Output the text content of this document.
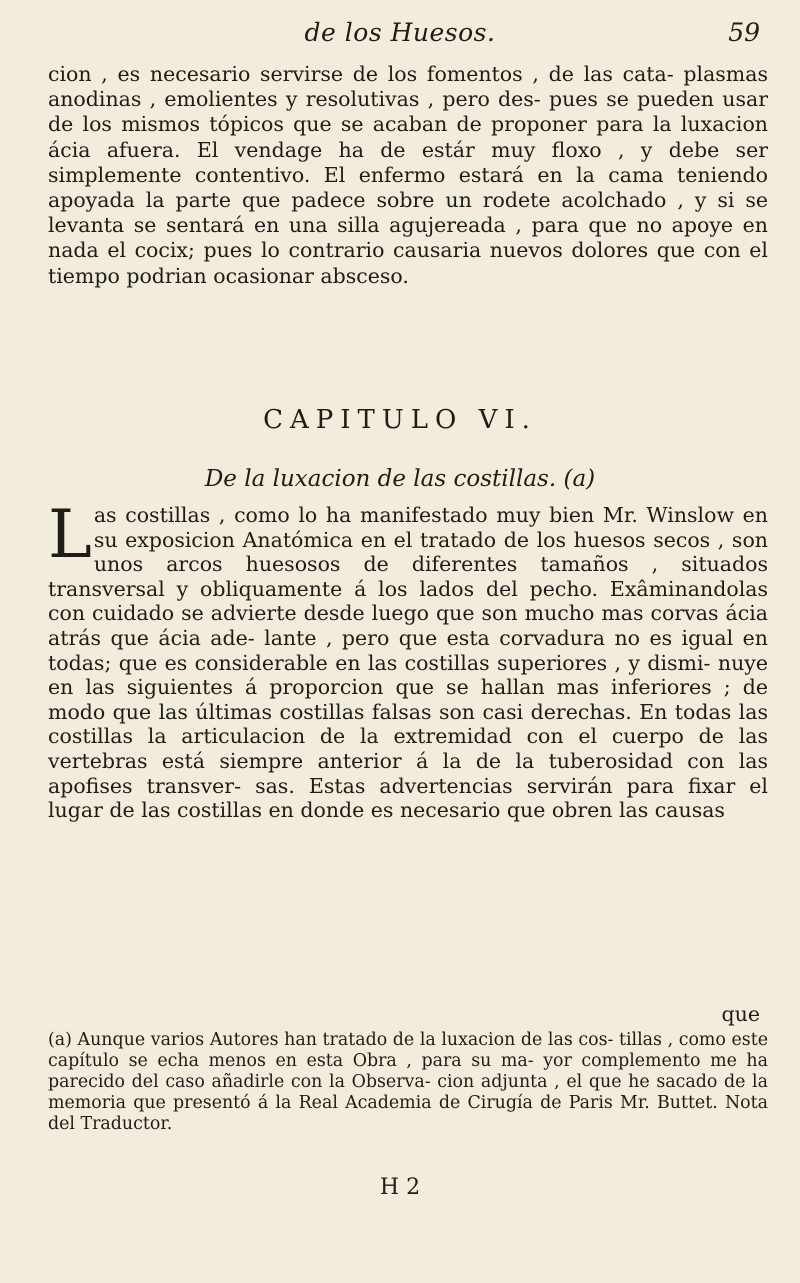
de los Huesos.	59

cion , es necesario servirse de los fomentos , de las cata- plasmas anodinas , emolientes y resolutivas , pero des- pues se pueden usar de los mismos tópicos que se acaban de proponer para la luxacion ácia afuera. El vendage ha de estár muy floxo , y debe ser simplemente contentivo. El enfermo estará en la cama teniendo apoyada la parte que padece sobre un rodete acolchado , y si se levanta se sentará en una silla agujereada , para que no apoye en nada el cocix; pues lo contrario causaria nuevos dolores que con el tiempo podrian ocasionar absceso.

CAPITULO VI.
De la luxacion de las costillas. (a)
L as costillas , como lo ha manifestado muy bien Mr. Winslow en su exposicion Anatómica en el tratado de los huesos secos , son unos arcos huesosos de diferentes tamaños , situados transversal y obliquamente á los lados del pecho. Exâminandolas con cuidado se advierte desde luego que son mucho mas corvas ácia atrás que ácia ade- lante , pero que esta corvadura no es igual en todas; que es considerable en las costillas superiores , y dismi- nuye en las siguientes á proporcion que se hallan mas inferiores ; de modo que las últimas costillas falsas son casi derechas. En todas las costillas la articulacion de la extremidad con el cuerpo de las vertebras está siempre anterior á la de la tuberosidad con las apofises transver- sas. Estas advertencias servirán para fixar el lugar de las costillas en donde es necesario que obren las causas
que
(a) Aunque varios Autores han tratado de la luxacion de las cos- tillas , como este capítulo se echa menos en esta Obra , para su ma- yor complemento me ha parecido del caso añadirle con la Observa- cion adjunta , el que he sacado de la memoria que presentó á la Real Academia de Cirugía de Paris Mr. Buttet. Nota del Traductor.
H 2
